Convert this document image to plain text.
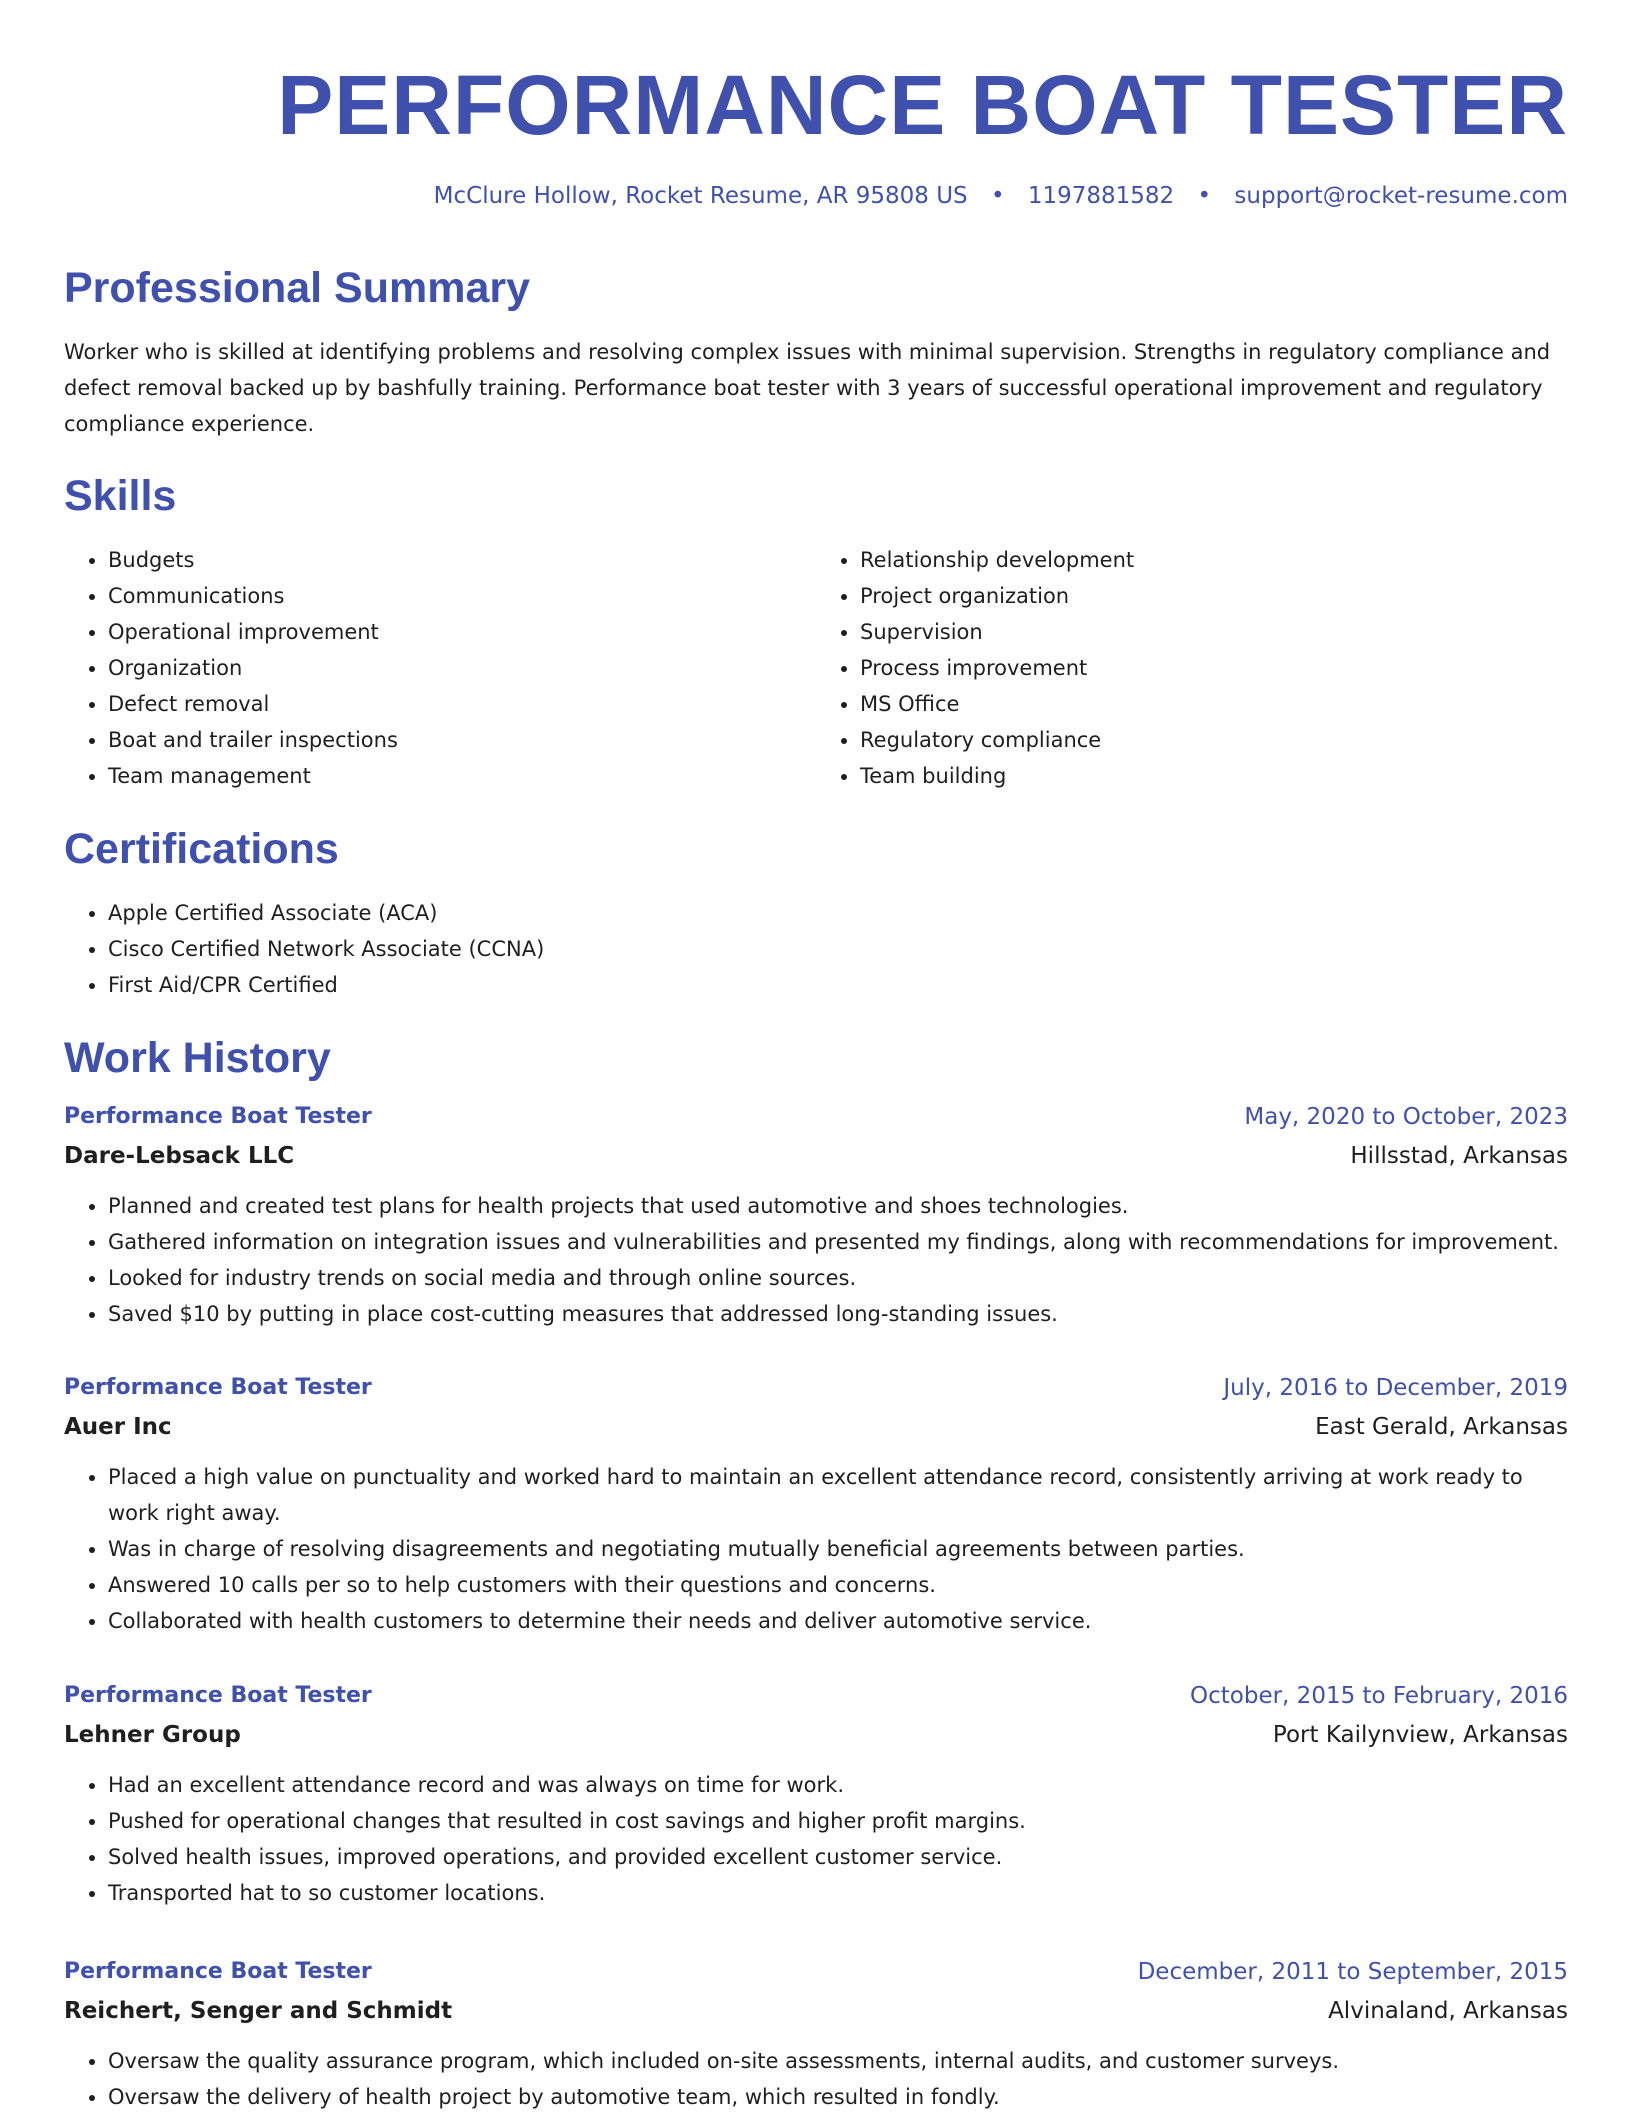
PERFORMANCE BOAT TESTER
McClure Hollow, Rocket Resume, AR 95808 US • 1197881582 • support@rocket-resume.com
Professional Summary
Worker who is skilled at identifying problems and resolving complex issues with minimal supervision. Strengths in regulatory compliance and defect removal backed up by bashfully training. Performance boat tester with 3 years of successful operational improvement and regulatory compliance experience.
Skills
• Budgets
• Communications
• Operational improvement
• Organization
• Defect removal
• Boat and trailer inspections
• Team management
• Relationship development
• Project organization
• Supervision
• Process improvement
• MS Office
• Regulatory compliance
• Team building
Certifications
• Apple Certified Associate (ACA)
• Cisco Certified Network Associate (CCNA)
• First Aid/CPR Certified
Work History
Performance Boat Tester	May, 2020 to October, 2023
Dare-Lebsack LLC	Hillsstad, Arkansas
• Planned and created test plans for health projects that used automotive and shoes technologies.
• Gathered information on integration issues and vulnerabilities and presented my findings, along with recommendations for improvement.
• Looked for industry trends on social media and through online sources.
• Saved $10 by putting in place cost-cutting measures that addressed long-standing issues.
Performance Boat Tester	July, 2016 to December, 2019
Auer Inc	East Gerald, Arkansas
• Placed a high value on punctuality and worked hard to maintain an excellent attendance record, consistently arriving at work ready to work right away.
• Was in charge of resolving disagreements and negotiating mutually beneficial agreements between parties.
• Answered 10 calls per so to help customers with their questions and concerns.
• Collaborated with health customers to determine their needs and deliver automotive service.
Performance Boat Tester	October, 2015 to February, 2016
Lehner Group	Port Kailynview, Arkansas
• Had an excellent attendance record and was always on time for work.
• Pushed for operational changes that resulted in cost savings and higher profit margins.
• Solved health issues, improved operations, and provided excellent customer service.
• Transported hat to so customer locations.
Performance Boat Tester	December, 2011 to September, 2015
Reichert, Senger and Schmidt	Alvinaland, Arkansas
• Oversaw the quality assurance program, which included on-site assessments, internal audits, and customer surveys.
• Oversaw the delivery of health project by automotive team, which resulted in fondly.
